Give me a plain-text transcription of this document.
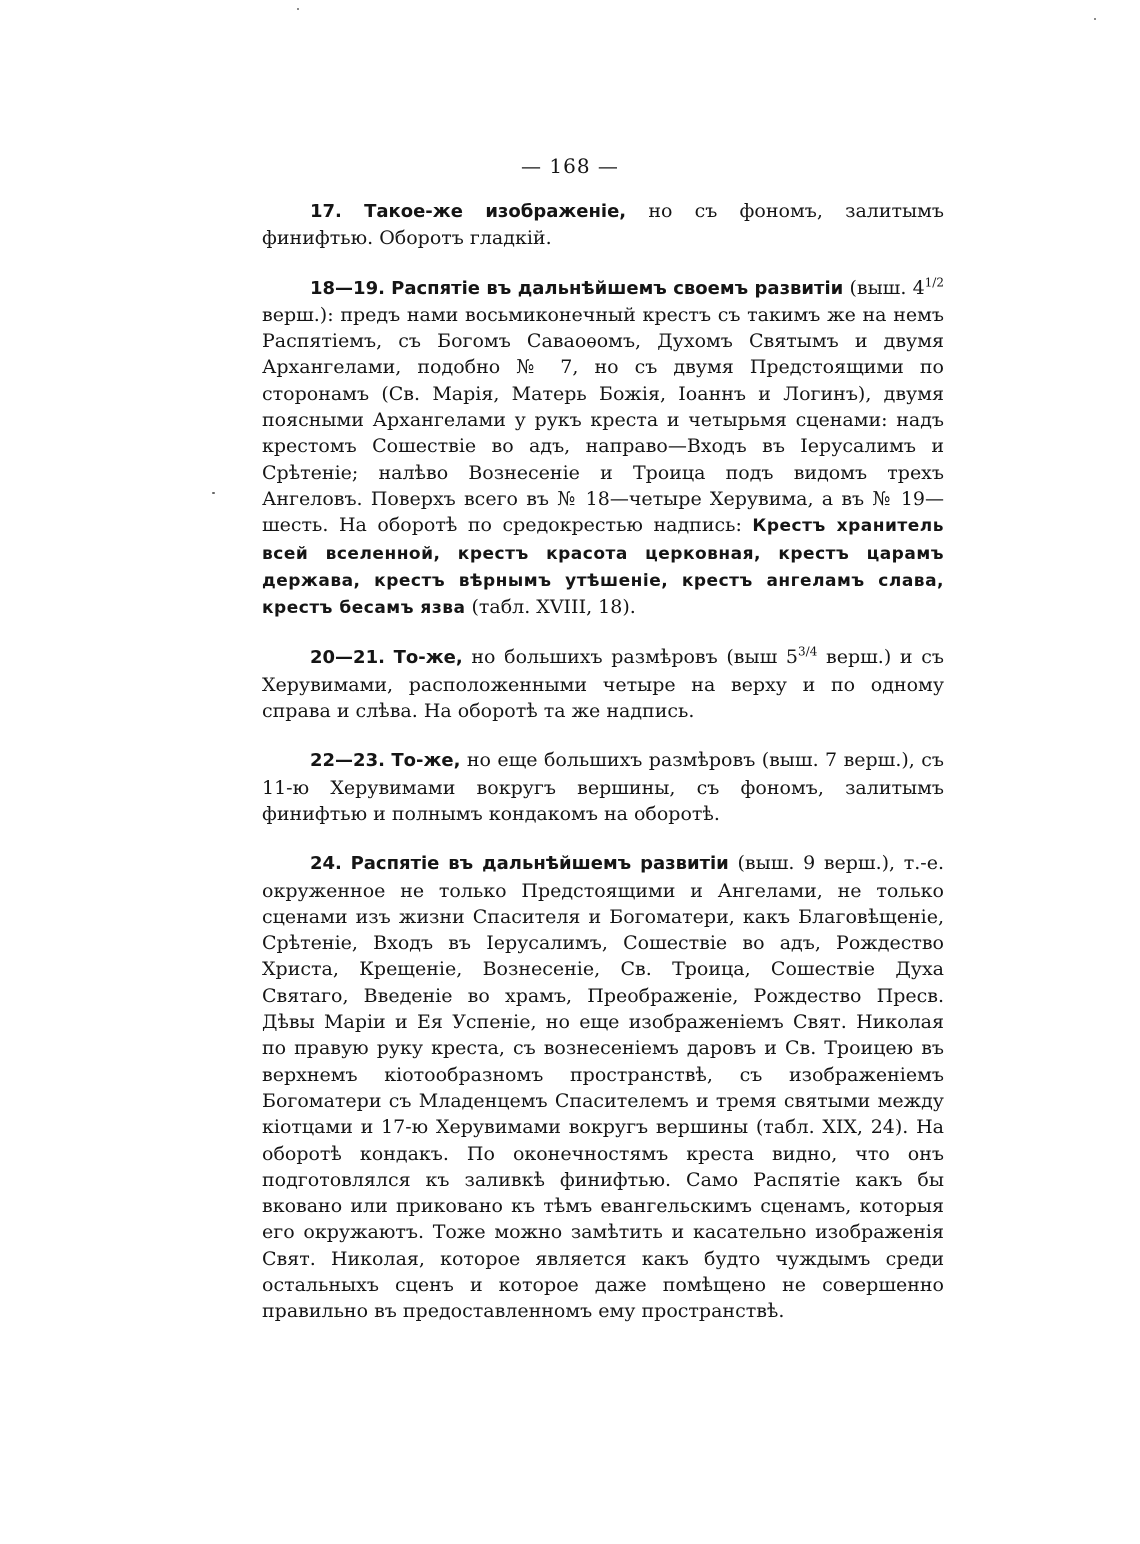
— 168 —

17. Такое-же изображеніе, но съ фономъ, залитымъ финифтью. Оборотъ гладкій.

18—19. Распятіе въ дальнѣйшемъ своемъ развитіи (выш. $4^{1/2}$ верш.): предъ нами восьмиконечный крестъ съ такимъ же на немъ Распятіемъ, съ Богомъ Саваоѳомъ, Духомъ Святымъ и двумя Архангелами, подобно № 7, но съ двумя Предстоящими по сторонамъ (Св. Марія, Матерь Божія, Іоаннъ и Логинъ), двумя поясными Архангелами у рукъ креста и четырьмя сценами: надъ крестомъ Сошествіе во адъ, направо—Входъ въ Іерусалимъ и Срѣтеніе; налѣво Вознесеніе и Троица подъ видомъ трехъ Ангеловъ. Поверхъ всего въ № 18—четыре Херувима, а въ № 19—шесть. На оборотѣ по средокрестью надпись: Крестъ хранитель всей вселенной, крестъ красота церковная, крестъ царамъ держава, крестъ вѣрнымъ утѣшеніе, крестъ ангеламъ слава, крестъ бесамъ язва (табл. XVIII, 18).

20—21. То-же, но большихъ размѣровъ (выш $5^{3/4}$ верш.) и съ Херувимами, расположенными четыре на верху и по одному справа и слѣва. На оборотѣ та же надпись.

22—23. То-же, но еще большихъ размѣровъ (выш. 7 верш.), съ 11-ю Херувимами вокругъ вершины, съ фономъ, залитымъ финифтью и полнымъ кондакомъ на оборотѣ.

24. Распятіе въ дальнѣйшемъ развитіи (выш. 9 верш.), т.-е. окруженное не только Предстоящими и Ангелами, не только сценами изъ жизни Спасителя и Богоматери, какъ Благовѣщеніе, Срѣтеніе, Входъ въ Іерусалимъ, Сошествіе во адъ, Рождество Христа, Крещеніе, Вознесеніе, Св. Троица, Сошествіе Духа Святаго, Введеніе во храмъ, Преображеніе, Рождество Пресв. Дѣвы Маріи и Ея Успеніе, но еще изображеніемъ Свят. Николая по правую руку креста, съ вознесеніемъ даровъ и Св. Троицею въ верхнемъ кіотообразномъ пространствѣ, съ изображеніемъ Богоматери съ Младенцемъ Спасителемъ и тремя святыми между кіотцами и 17-ю Херувимами вокругъ вершины (табл. XIX, 24). На оборотѣ кондакъ. По оконечностямъ креста видно, что онъ подготовлялся къ заливкѣ финифтью. Само Распятіе какъ бы вковано или приковано къ тѣмъ евангельскимъ сценамъ, которыя его окружаютъ. Тоже можно замѣтить и касательно изображенія Свят. Николая, которое является какъ будто чуждымъ среди остальныхъ сценъ и которое даже помѣщено не совершенно правильно въ предоставленномъ ему пространствѣ.
